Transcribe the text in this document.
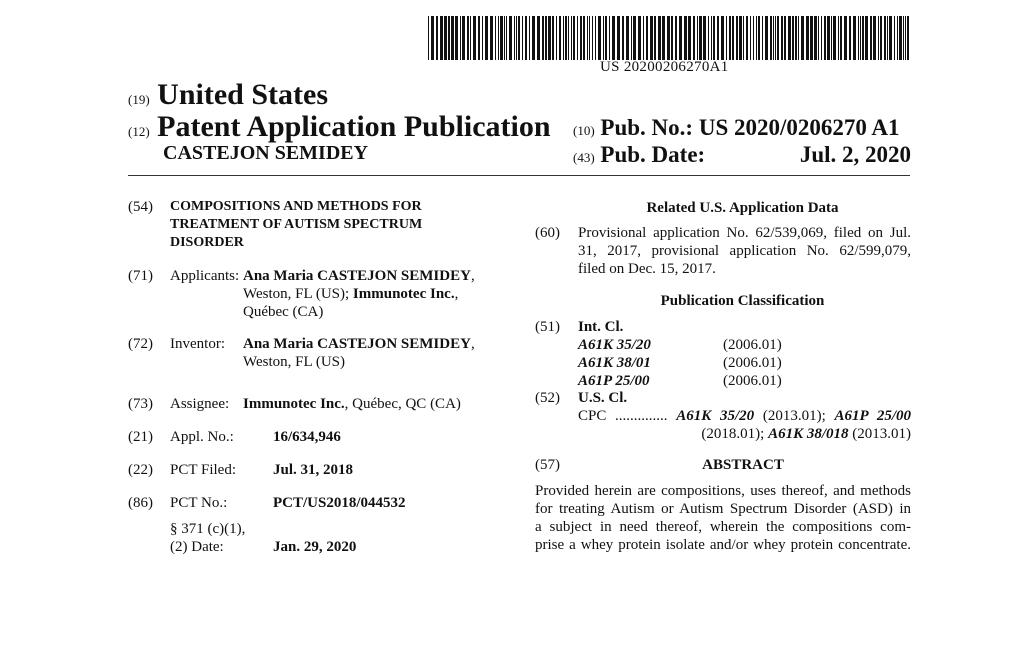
US 20200206270A1
(19) United States
(12) Patent Application Publication
CASTEJON SEMIDEY
(10) Pub. No.: US 2020/0206270 A1
(43) Pub. Date:	Jul. 2, 2020
(54)	COMPOSITIONS AND METHODS FOR
TREATMENT OF AUTISM SPECTRUM
DISORDER
(71)	Applicants: Ana Maria CASTEJON SEMIDEY,
Weston, FL (US); Immunotec Inc.,
Québec (CA)
(72)	Inventor: Ana Maria CASTEJON SEMIDEY,
Weston, FL (US)
(73)	Assignee: Immunotec Inc., Québec, QC (CA)
(21)	Appl. No.:	16/634,946
(22)	PCT Filed: Jul. 31, 2018
(86)	PCT No.:	PCT/US2018/044532
§ 371 (c)(1),
(2) Date:	Jan. 29, 2020
Related U.S. Application Data
(60)	Provisional application No. 62/539,069, filed on Jul.
31, 2017, provisional application No. 62/599,079,
filed on Dec. 15, 2017.
Publication Classification
(51)	Int. Cl.
A61K 35/20	(2006.01)
A61K 38/01	(2006.01)
A61P 25/00	(2006.01)
(52)	U.S. Cl.
CPC .............. A61K 35/20 (2013.01); A61P 25/00
(2018.01); A61K 38/018 (2013.01)
(57)	ABSTRACT
Provided herein are compositions, uses thereof, and methods
for treating Autism or Autism Spectrum Disorder (ASD) in
a subject in need thereof, wherein the compositions com-
prise a whey protein isolate and/or whey protein concentrate.
